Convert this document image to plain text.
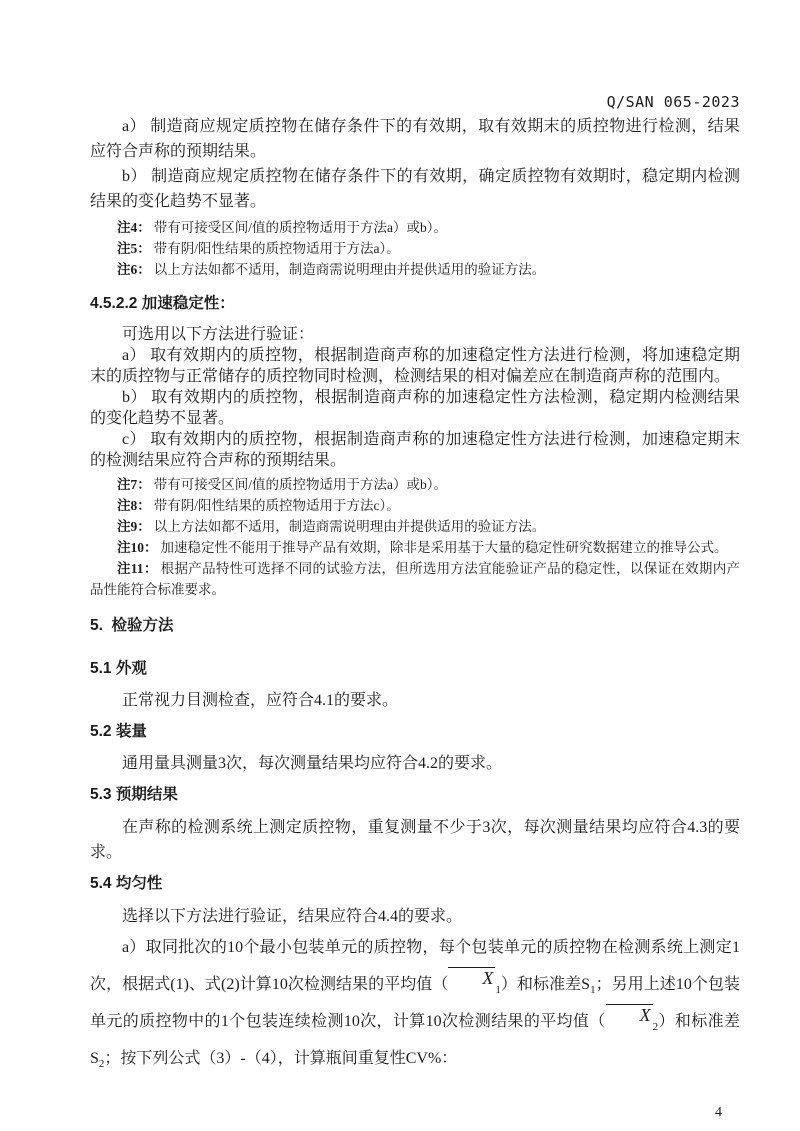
Q/SAN 065-2023

a） 制造商应规定质控物在储存条件下的有效期，取有效期末的质控物进行检测，结果应符合声称的预期结果。

b） 制造商应规定质控物在储存条件下的有效期，确定质控物有效期时，稳定期内检测结果的变化趋势不显著。

注4： 带有可接受区间/值的质控物适用于方法a）或b）。

注5： 带有阴/阳性结果的质控物适用于方法a）。

注6： 以上方法如都不适用，制造商需说明理由并提供适用的验证方法。

4.5.2.2 加速稳定性：

可选用以下方法进行验证：

a） 取有效期内的质控物，根据制造商声称的加速稳定性方法进行检测，将加速稳定期末的质控物与正常储存的质控物同时检测，检测结果的相对偏差应在制造商声称的范围内。

b） 取有效期内的质控物，根据制造商声称的加速稳定性方法检测，稳定期内检测结果的变化趋势不显著。

c） 取有效期内的质控物，根据制造商声称的加速稳定性方法进行检测，加速稳定期末的检测结果应符合声称的预期结果。

注7： 带有可接受区间/值的质控物适用于方法a）或b）。

注8： 带有阴/阳性结果的质控物适用于方法c）。

注9： 以上方法如都不适用，制造商需说明理由并提供适用的验证方法。

注10： 加速稳定性不能用于推导产品有效期，除非是采用基于大量的稳定性研究数据建立的推导公式。

注11： 根据产品特性可选择不同的试验方法，但所选用方法宜能验证产品的稳定性，以保证在效期内产品性能符合标准要求。

5.  检验方法

5.1 外观

正常视力目测检查，应符合4.1的要求。

5.2 装量

通用量具测量3次，每次测量结果均应符合4.2的要求。

5.3 预期结果

在声称的检测系统上测定质控物，重复测量不少于3次，每次测量结果均应符合4.3的要求。

5.4 均匀性

选择以下方法进行验证，结果应符合4.4的要求。

a）取同批次的10个最小包装单元的质控物，每个包装单元的质控物在检测系统上测定1次，根据式(1)、式(2)计算10次检测结果的平均值（ $X_1$）和标准差$S_1$；另用上述10个包装单元的质控物中的1个包装连续检测10次，计算10次检测结果的平均值（ $X_2$）和标准差$S_2$；按下列公式（3）-（4），计算瓶间重复性CV%：

4
